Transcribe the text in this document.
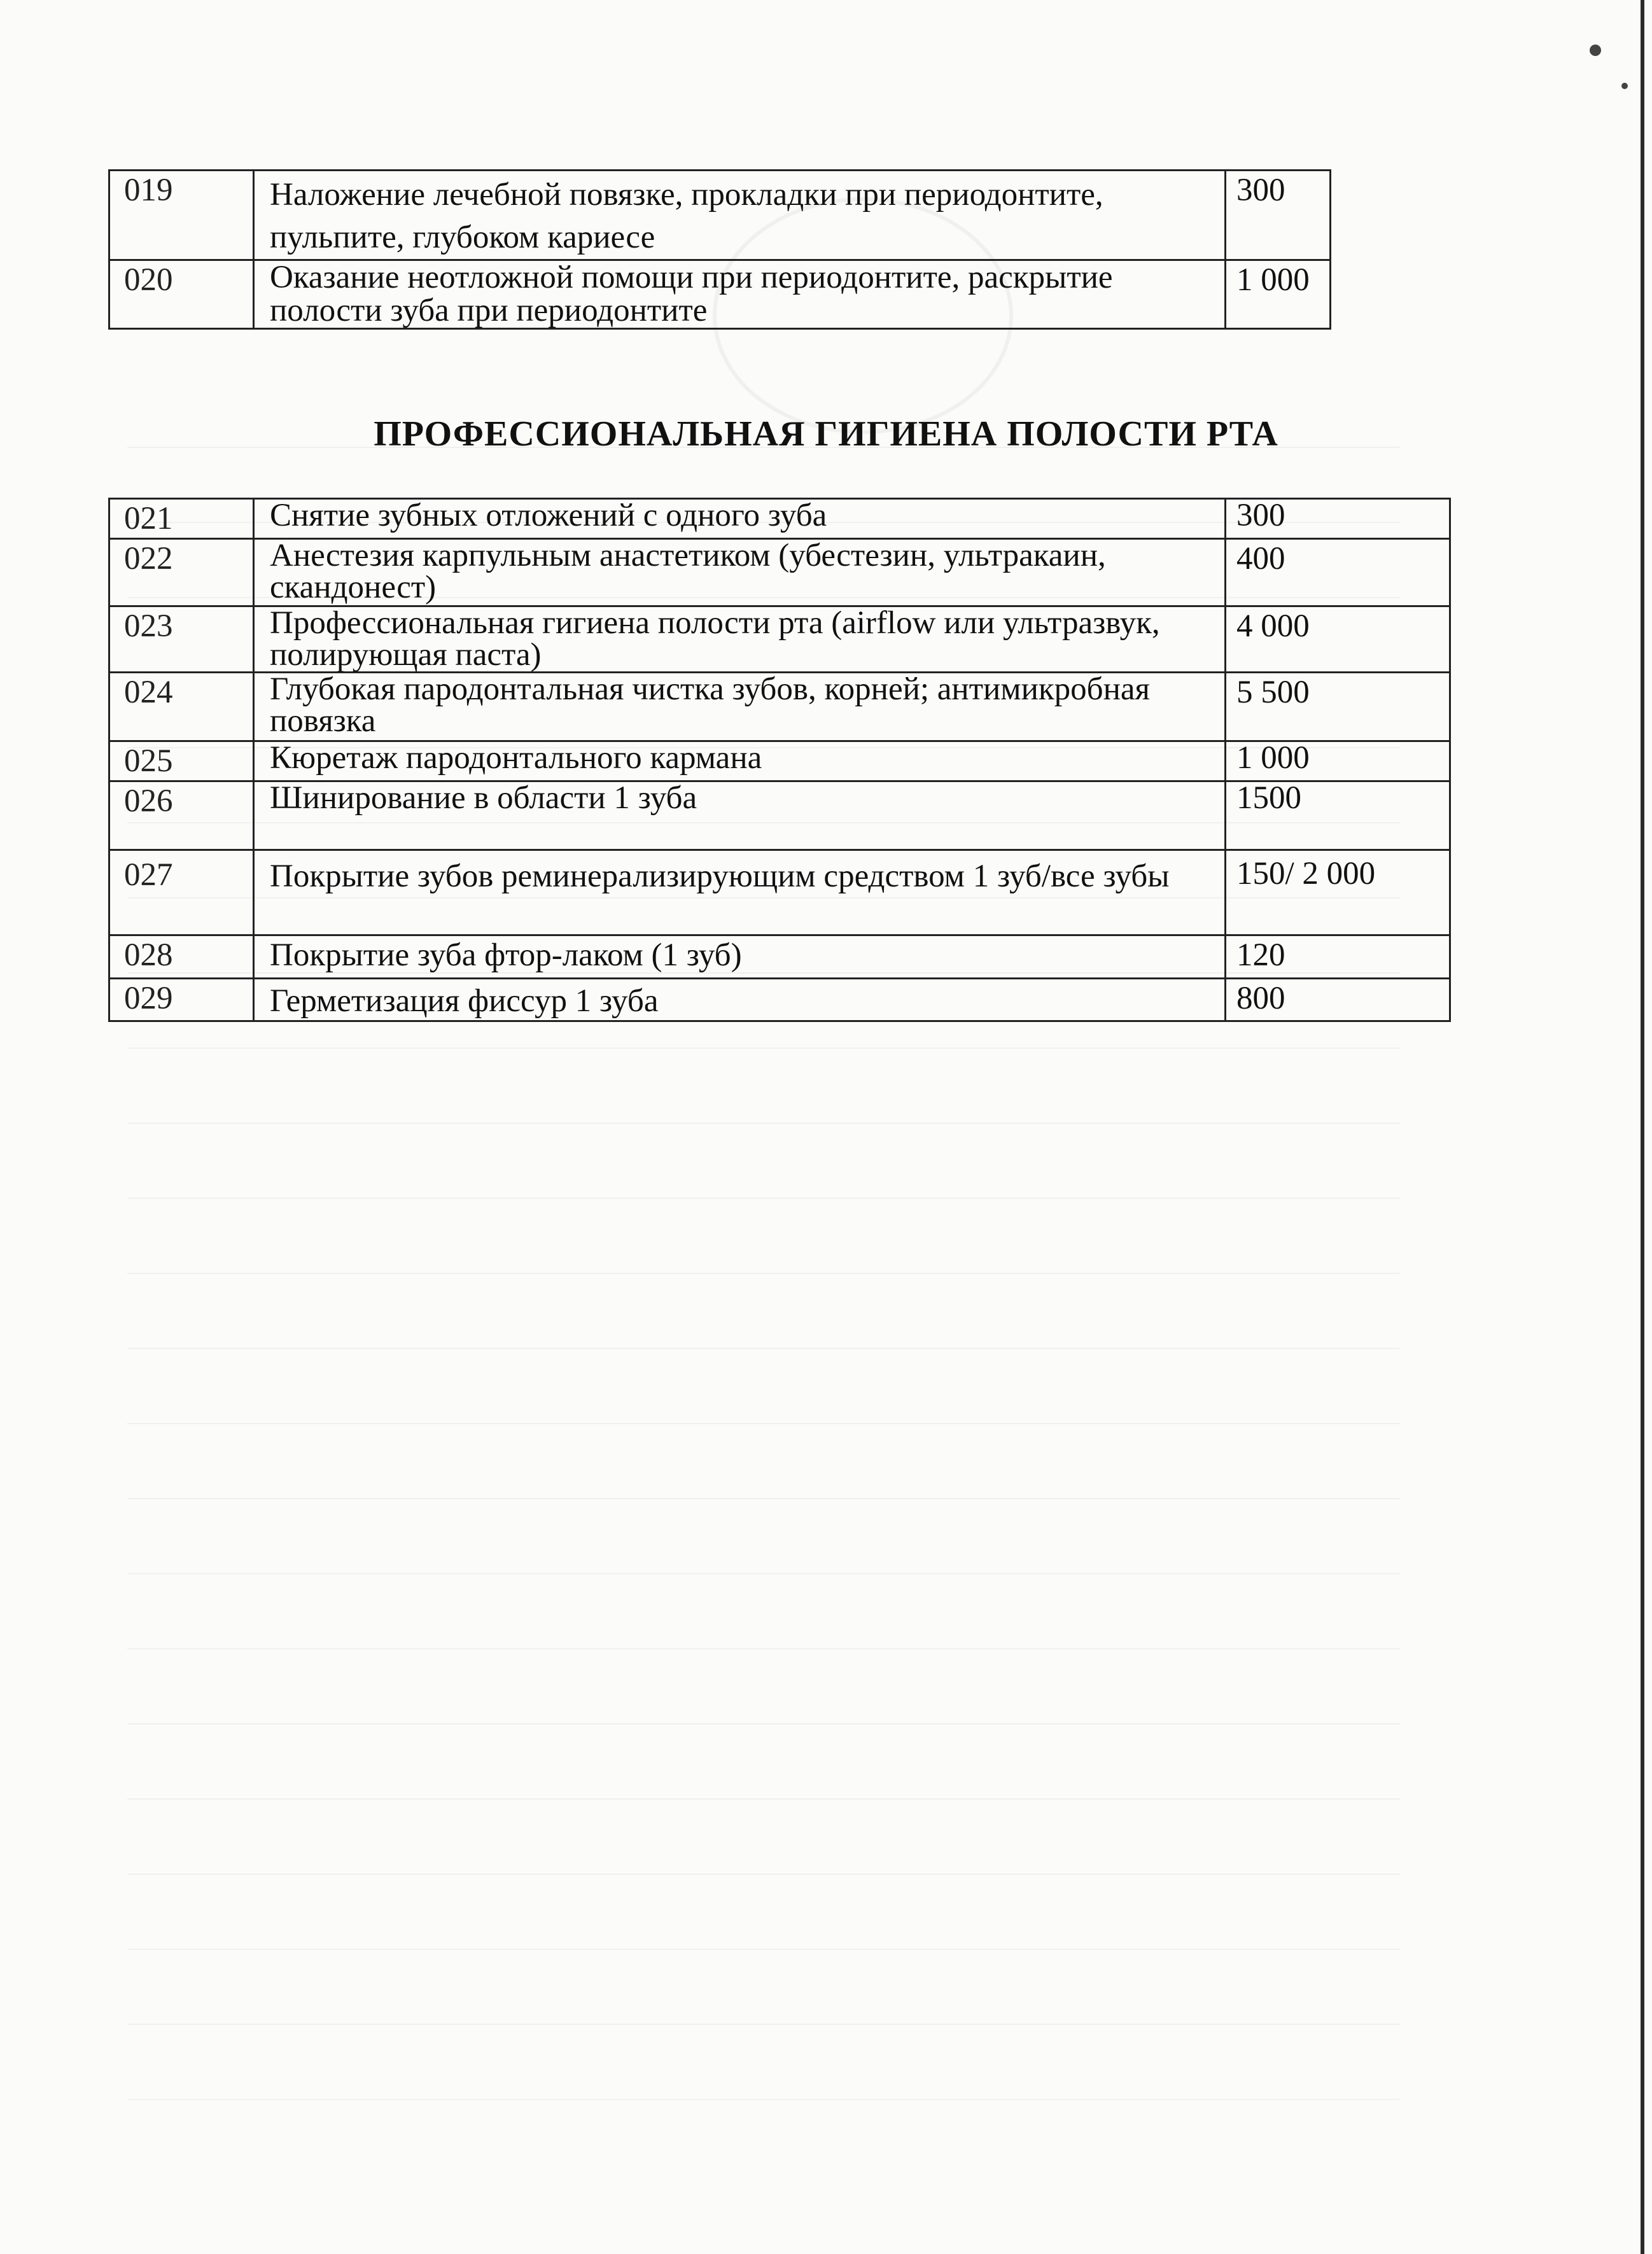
019	Наложение лечебной повязке, прокладки при периодонтите, пульпите, глубоком кариесе	300
020	Оказание неотложной помощи при периодонтите, раскрытие полости зуба при периодонтите	1 000
ПРОФЕССИОНАЛЬНАЯ ГИГИЕНА ПОЛОСТИ РТА
021	Снятие зубных отложений с одного зуба	300
022	Анестезия карпульным анастетиком (убестезин, ультракаин, скандонест)	400
023	Профессиональная гигиена полости рта (airflow или ультразвук, полирующая паста)	4 000
024	Глубокая пародонтальная чистка зубов, корней; антимикробная повязка	5 500
025	Кюретаж пародонтального кармана	1 000
026	Шинирование в области 1 зуба	1500
027	Покрытие зубов реминерализирующим средством 1 зуб/все зубы	150/ 2 000
028	Покрытие зуба фтор-лаком (1 зуб)	120
029	Герметизация фиссур 1 зуба	800
